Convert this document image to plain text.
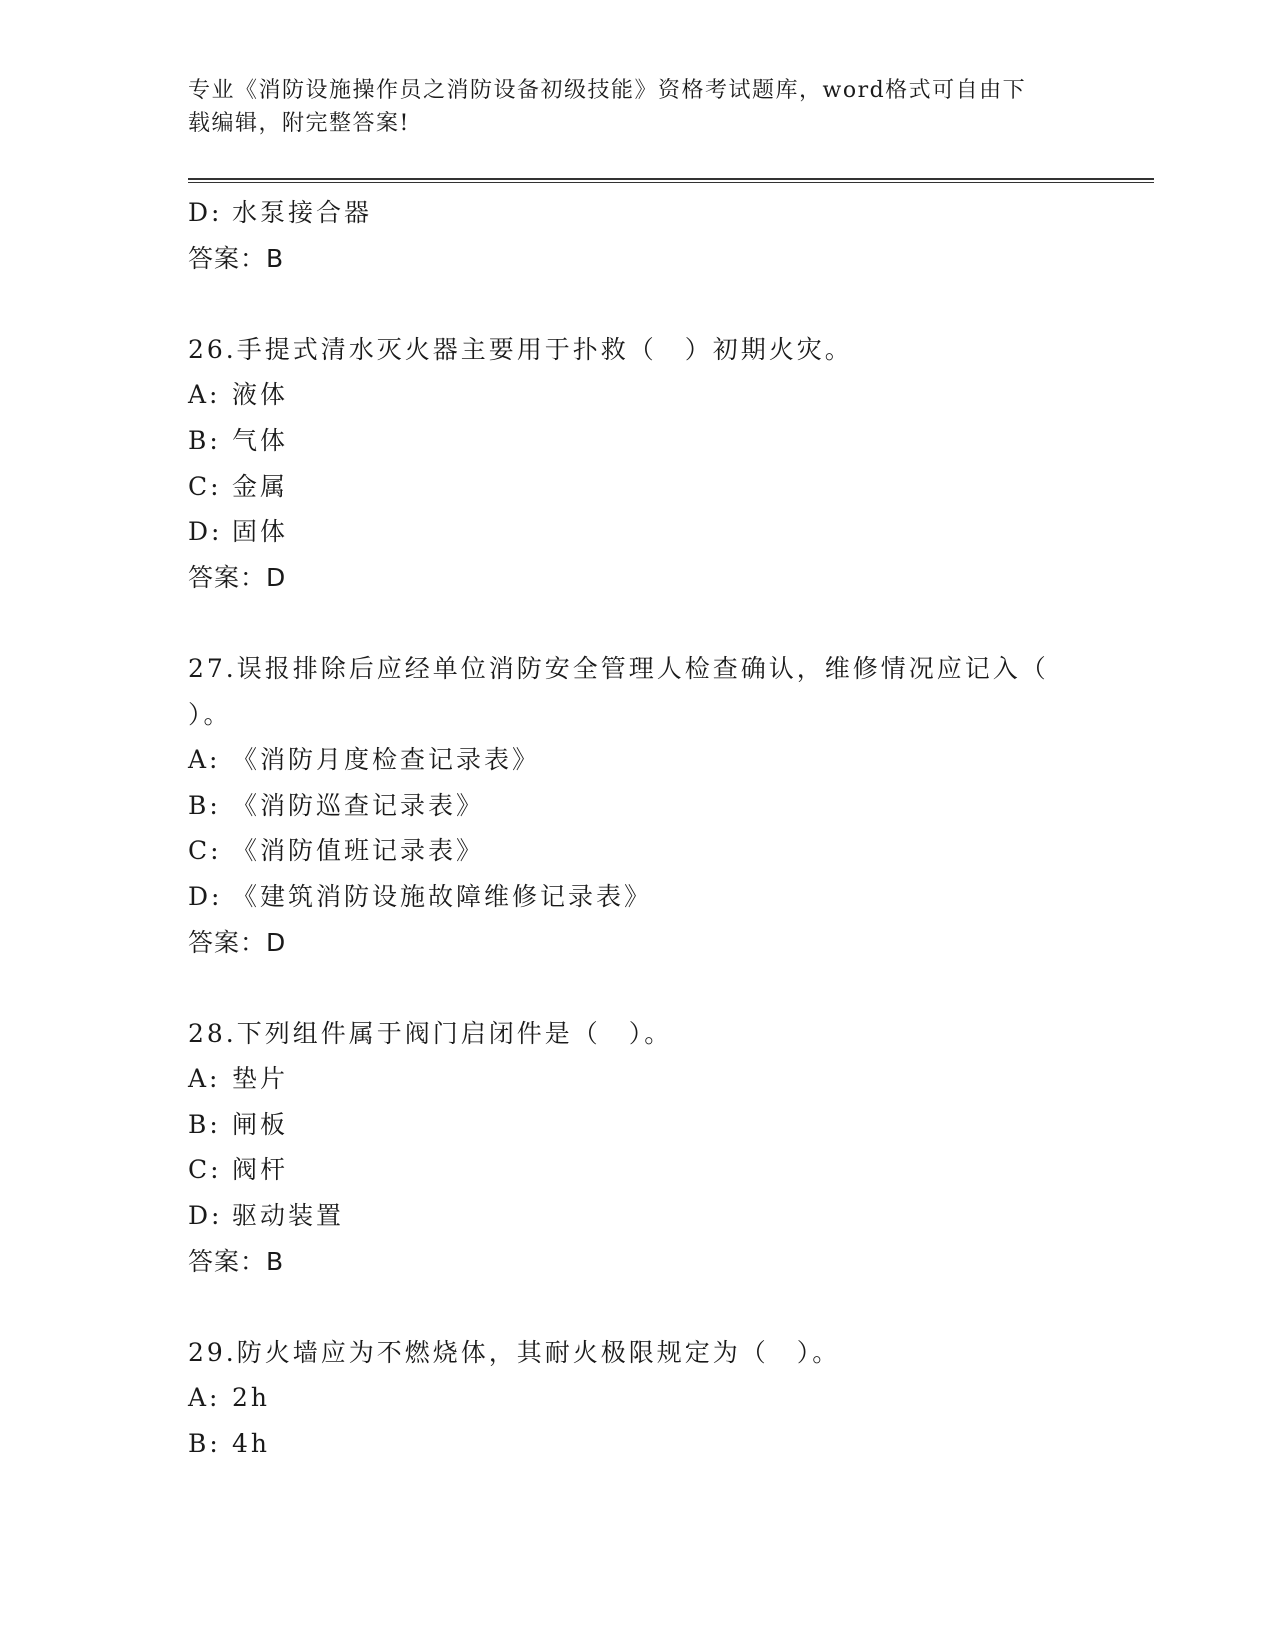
专业《消防设施操作员之消防设备初级技能》资格考试题库，word格式可自由下
载编辑，附完整答案!
D: 水泵接合器
答案：B
26.手提式清水灭火器主要用于扑救（　）初期火灾。
A: 液体
B: 气体
C: 金属
D: 固体
答案：D
27.误报排除后应经单位消防安全管理人检查确认，维修情况应记入（
）。
A: 《消防月度检查记录表》
B: 《消防巡查记录表》
C: 《消防值班记录表》
D: 《建筑消防设施故障维修记录表》
答案：D
28.下列组件属于阀门启闭件是（　）。
A: 垫片
B: 闸板
C: 阀杆
D: 驱动装置
答案：B
29.防火墙应为不燃烧体，其耐火极限规定为（　）。
A: 2h
B: 4h
